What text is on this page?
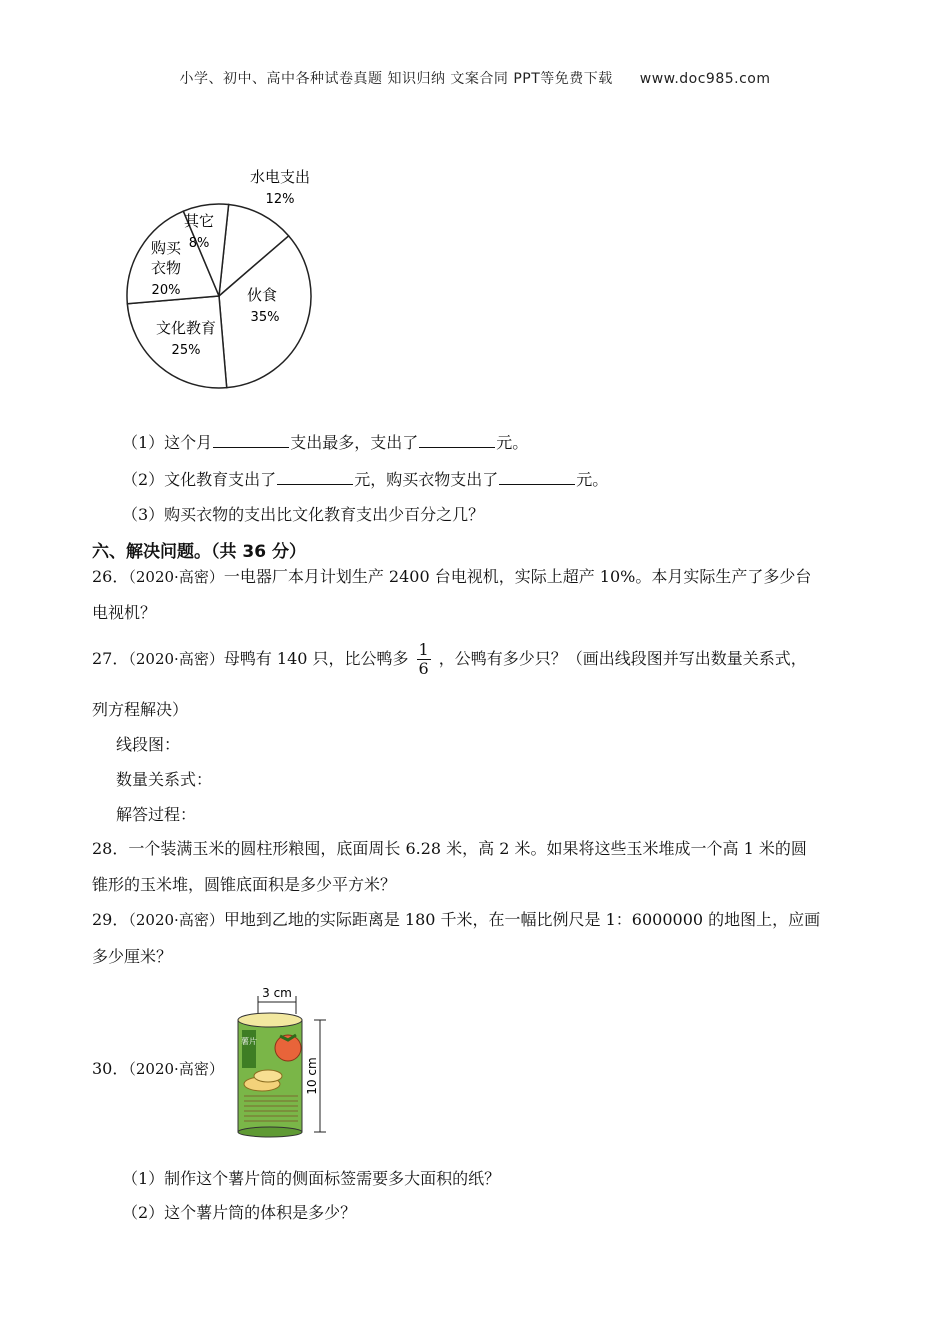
小学、初中、高中各种试卷真题 知识归纳 文案合同 PPT等免费下载 www.doc985.com
水电支出
12%
伙食
35%
文化教育
25%
购买
衣物
20%
其它
8%
（1）这个月	支出最多，支出了	元。
（2）文化教育支出了	元，购买衣物支出了	元。
（3）购买衣物的支出比文化教育支出少百分之几？
六、解决问题。（共 36 分）
26．（2020·高密）一电器厂本月计划生产 2400 台电视机，实际上超产 10%。本月实际生产了多少台
电视机？
27．（2020·高密）母鸭有 140 只，比公鸭多 $\frac{1}{6}$ ，公鸭有多少只？（画出线段图并写出数量关系式，
列方程解决）
线段图：
数量关系式：
解答过程：
28．一个装满玉米的圆柱形粮囤，底面周长 6.28 米，高 2 米。如果将这些玉米堆成一个高 1 米的圆
锥形的玉米堆，圆锥底面积是多少平方米？
29．（2020·高密）甲地到乙地的实际距离是 180 千米，在一幅比例尺是 1：6000000 的地图上，应画
多少厘米？
30．（2020·高密）
3 cm
薯片
10 cm
（1）制作这个薯片筒的侧面标签需要多大面积的纸？
（2）这个薯片筒的体积是多少？
